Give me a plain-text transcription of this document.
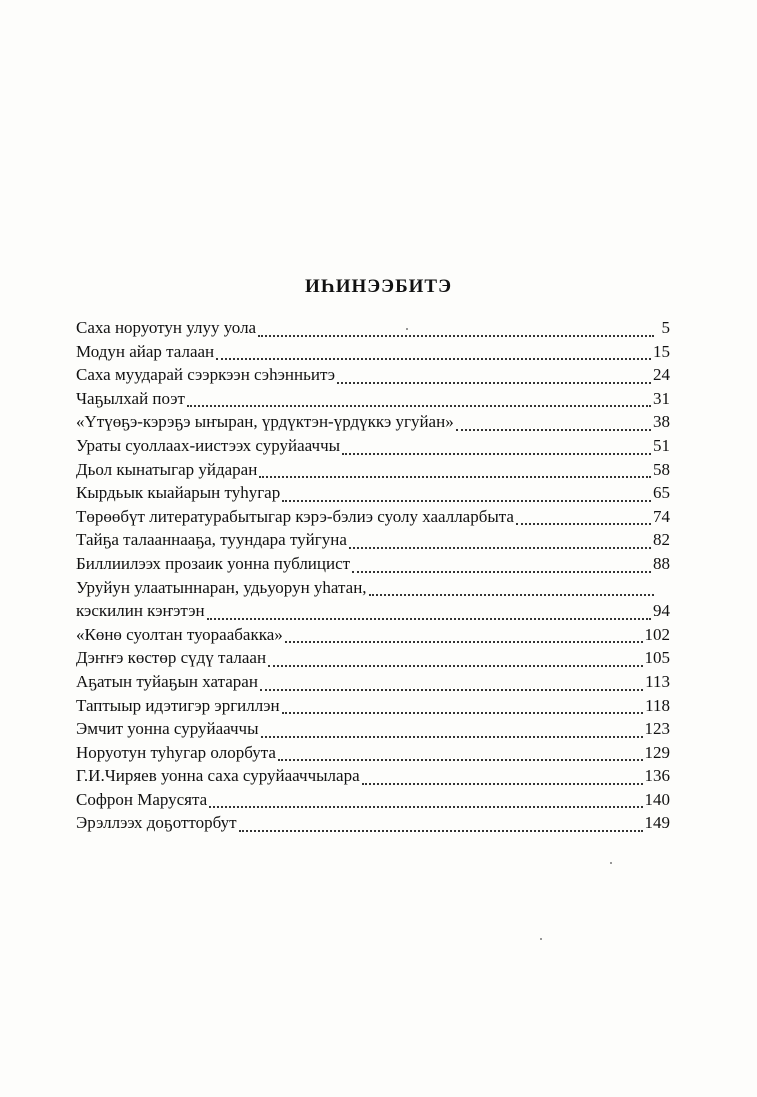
ИҺИНЭЭБИТЭ
Саха норуотун улуу уола	5
Модун айар талаан	15
Саха муударай сээркээн сэһэнньитэ	24
Чаҕылхай поэт	31
«Үтүөҕэ-кэрэҕэ ыҥыран, үрдүктэн-үрдүккэ угуйан»	38
Ураты суоллаах-иистээх суруйааччы	51
Дьол кынатыгар уйдаран	58
Кырдьык кыайарын туһугар	65
Төрөөбүт литературабытыгар кэрэ-бэлиэ суолу хаалларбыта	74
Тайҕа талааннааҕа, туундара туйгуна	82
Биллиилээх прозаик уонна публицист	88
Уруйун улаатыннаран, удьуорун уһатан,
кэскилин кэҥэтэн	94
«Көнө суолтан туораабакка»	102
Дэҥҥэ көстөр сүдү талаан	105
Аҕатын туйаҕын хатаран	113
Таптыыр идэтигэр эргиллэн	118
Эмчит уонна суруйааччы	123
Норуотун туһугар олорбута	129
Г.И.Чиряев уонна саха суруйааччылара	136
Софрон Марусята	140
Эрэллээх доҕотторбут	149
